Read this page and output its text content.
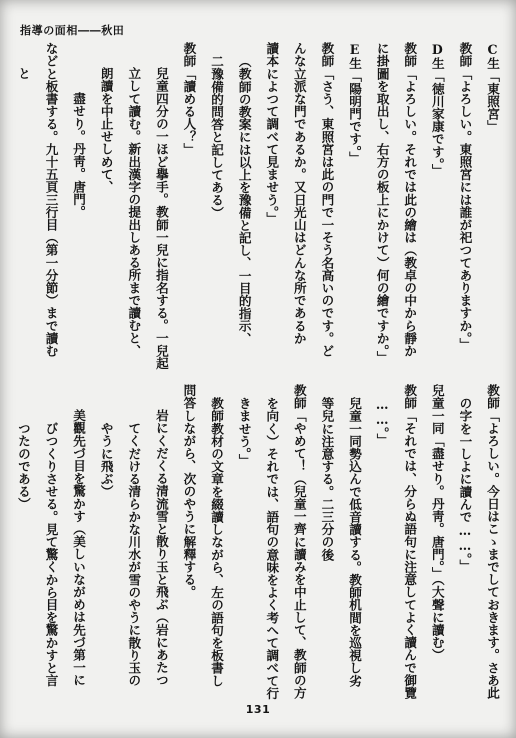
指導の面相――秋田

C生「東照宮」

教師「よろしい。東照宮には誰が祀つてありますか。」

D生「徳川家康です。」

教師「よろしい。それでは此の繪は（教卓の中から靜か

に掛圖を取出し、右方の板上にかけて）何の繪ですか。」

E生「陽明門です。」

教師「さう、東照宮は此の門で一そう名高いのです。ど

んな立派な門であるか。又日光山はどんな所であるか

讀本によつて調べて見ませう。」

（教師の教案には以上を豫備と記し、一目的指示、

二豫備的問答と記してある）

教師「讀める人？」

兒童四分の一ほど擧手。教師一兒に指名する。一兒起

立して讀む。新出漢字の提出しある所まで讀むと、

朗讀を中止せしめて、

盡せり。丹靑。唐門。

などと板書する。九十五頁三行目（第一分節）まで讀む

と

教師「よろしい。今日はこゝまでしておきます。さあ此

の字を一しよに讀んで……。」

兒童一同「盡せり。丹靑。唐門。」（大聲に讀む）

教師「それでは、分らぬ語句に注意してよく讀んで御覽

……。」

兒童一同勢込んで低音讀する。教師机間を巡視し劣

等兒に注意する。二三分の後

教師「やめて！（兒童一齊に讀みを中止して、教師の方

を向く）それでは、語句の意味をよく考へて調べて行

きませう。」

教師教材の文章を綴讀しながら、左の語句を板書し

問答しながら、次のやうに解釋する。

岩にくだくる清流雪と散り玉と飛ぶ（岩にあたつ

てくだける清らかな川水が雪のやうに散り玉の

やうに飛ぶ）

美觀先づ目を驚かす（美しいながめは先づ第一に

びつくりさせる。見て驚くから目を驚かすと言

つたのである）

131
